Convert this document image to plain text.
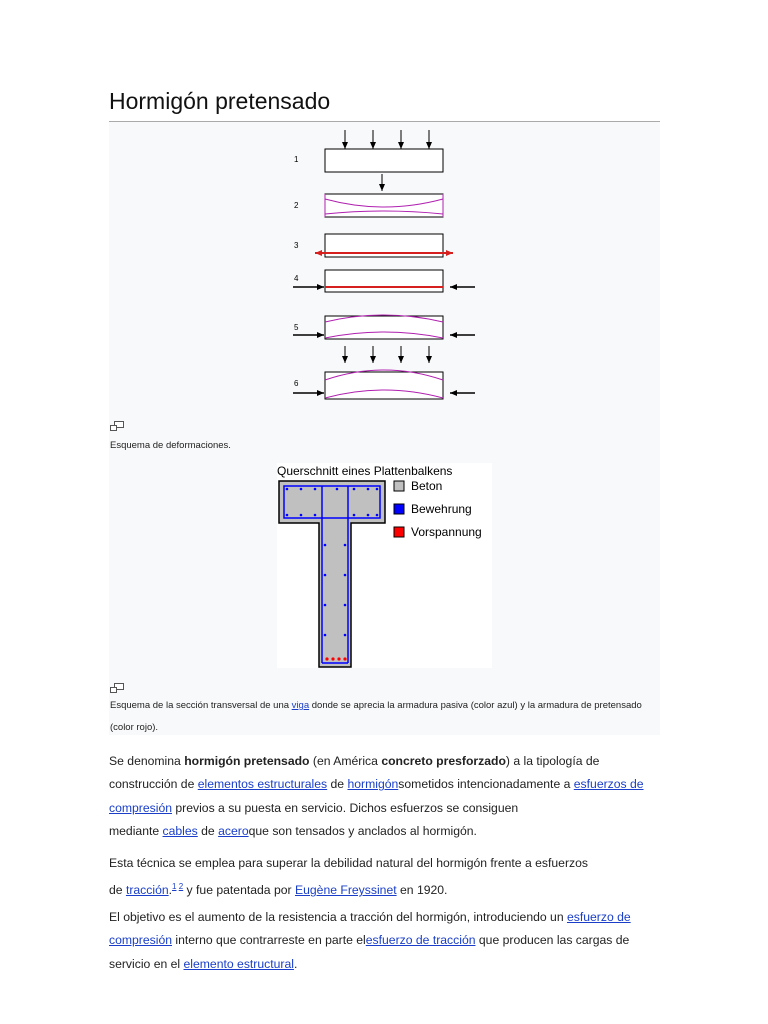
Hormigón pretensado
1
2
3
4
5
6
Esquema de deformaciones.
Querschnitt eines Plattenbalkens
Beton
Bewehrung
Vorspannung
Esquema de la sección transversal de una viga donde se aprecia la armadura pasiva (color azul) y la armadura de pretensado
(color rojo).

Se denomina hormigón pretensado (en América concreto presforzado) a la tipología de
construcción de elementos estructurales de hormigónsometidos intencionadamente a esfuerzos de
compresión previos a su puesta en servicio. Dichos esfuerzos se consiguen
mediante cables de aceroque son tensados y anclados al hormigón.

Esta técnica se emplea para superar la debilidad natural del hormigón frente a esfuerzos
de tracción.$^{1 2}$ y fue patentada por Eugène Freyssinet en 1920.

El objetivo es el aumento de la resistencia a tracción del hormigón, introduciendo un esfuerzo de
compresión interno que contrarreste en parte elesfuerzo de tracción que producen las cargas de
servicio en el elemento estructural.
